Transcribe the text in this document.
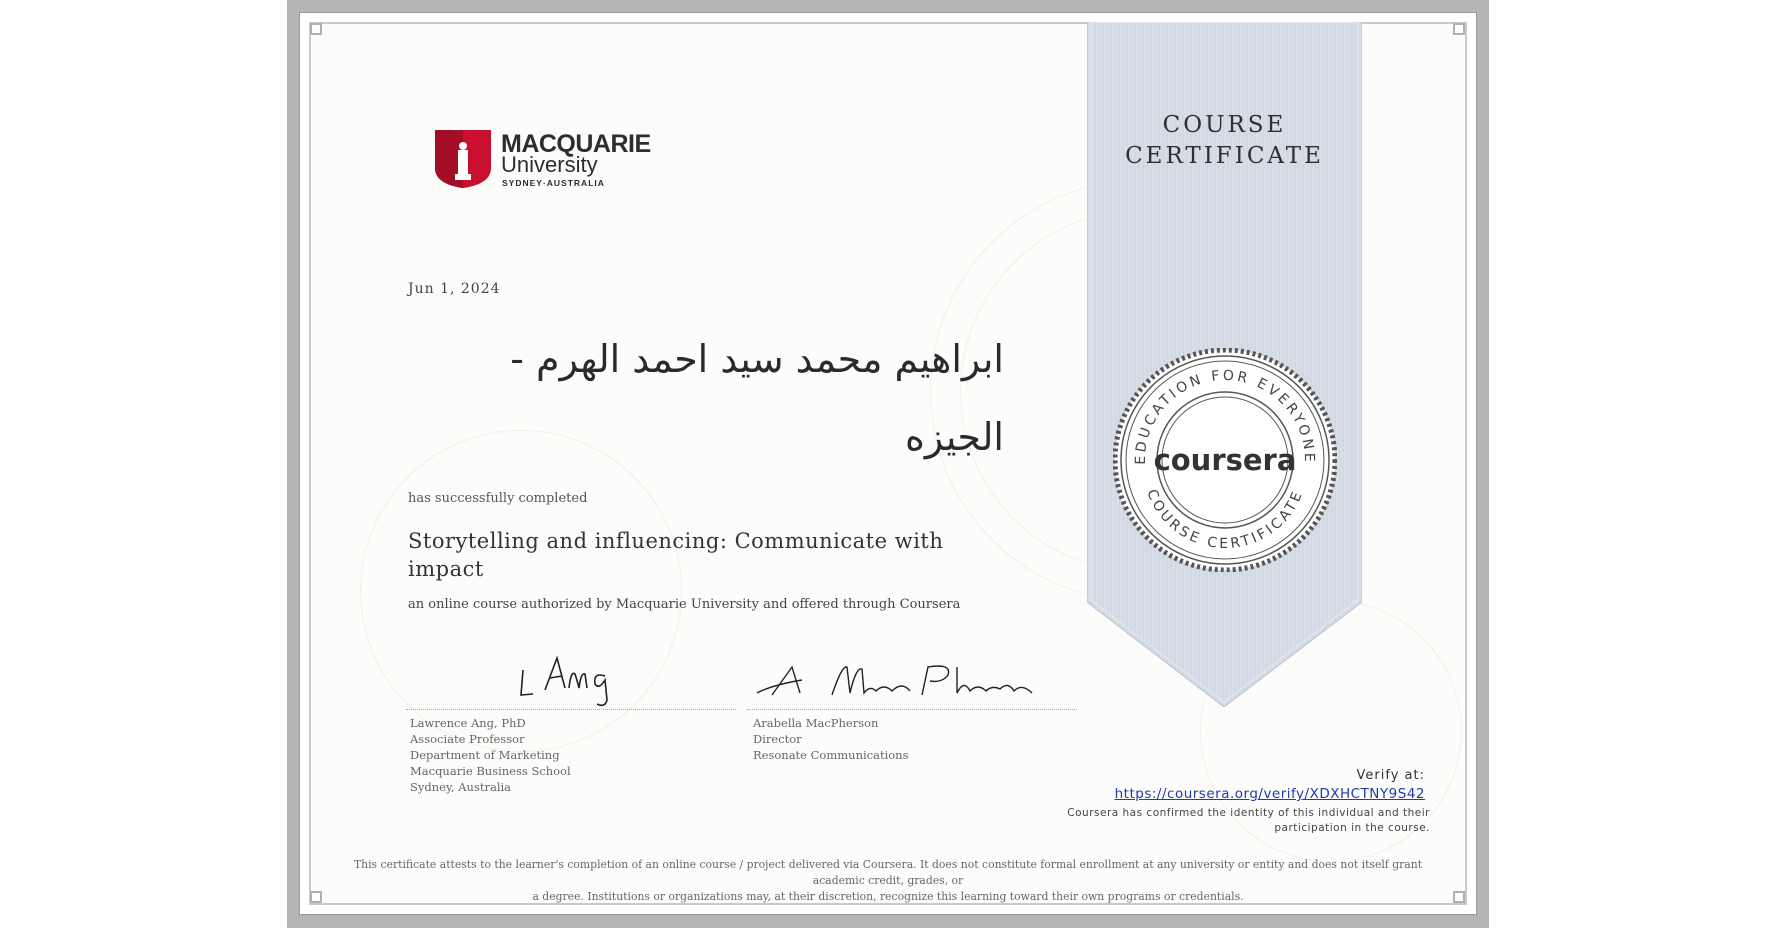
COURSE
CERTIFICATE
EDUCATION FOR EVERYONE
COURSE CERTIFICATE
coursera
MACQUARIE
University
SYDNEY·AUSTRALIA
Jun 1, 2024
ابراهيم محمد سيد احمد الهرم -
الجيزه
has successfully completed
Storytelling and influencing: Communicate with impact
an online course authorized by Macquarie University and offered through Coursera
Lawrence Ang, PhD
Associate Professor
Department of Marketing
Macquarie Business School
Sydney, Australia
Arabella MacPherson
Director
Resonate Communications
Verify at:
https://coursera.org/verify/XDXHCTNY9S42
Coursera has confirmed the identity of this individual and their
participation in the course.
This certificate attests to the learner's completion of an online course / project delivered via Coursera. It does not constitute formal enrollment at any university or entity and does not itself grant academic credit, grades, or
a degree. Institutions or organizations may, at their discretion, recognize this learning toward their own programs or credentials.
